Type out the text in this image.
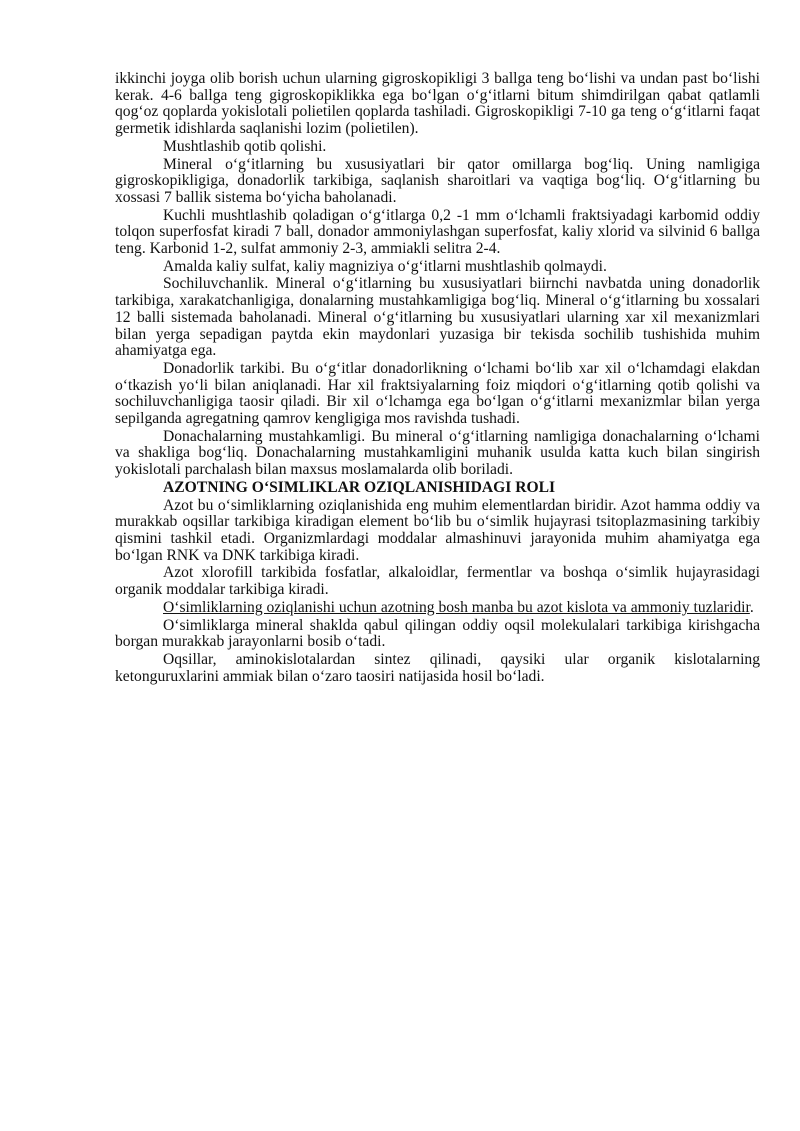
ikkinchi joyga olib borish uchun ularning gigroskopikligi 3 ballga teng boʻlishi va undan past boʻlishi kerak. 4-6 ballga teng gigroskopiklikka ega boʻlgan oʻgʻitlarni bitum shimdirilgan qabat qatlamli qogʻoz qoplarda yokislotali polietilen qoplarda tashiladi. Gigroskopikligi 7-10 ga teng oʻgʻitlarni faqat germetik idishlarda saqlanishi lozim (polietilen).

Mushtlashib qotib qolishi.

Mineral oʻgʻitlarning bu xususiyatlari bir qator omillarga bogʻliq. Uning namligiga gigroskopikligiga, donadorlik tarkibiga, saqlanish sharoitlari va vaqtiga bogʻliq. Oʻgʻitlarning bu xossasi 7 ballik sistema boʻyicha baholanadi.

Kuchli mushtlashib qoladigan oʻgʻitlarga 0,2 -1 mm oʻlchamli fraktsiyadagi karbomid oddiy tolqon superfosfat kiradi 7 ball, donador ammoniylashgan superfosfat, kaliy xlorid va silvinid 6 ballga teng. Karbonid 1-2, sulfat ammoniy 2-3, ammiakli selitra 2-4.

Amalda kaliy sulfat, kaliy magniziya oʻgʻitlarni mushtlashib qolmaydi.

Sochiluvchanlik. Mineral oʻgʻitlarning bu xususiyatlari biirnchi navbatda uning donadorlik tarkibiga, xarakatchanligiga, donalarning mustahkamligiga bogʻliq. Mineral oʻgʻitlarning bu xossalari 12 balli sistemada baholanadi. Mineral oʻgʻitlarning bu xususiyatlari ularning xar xil mexanizmlari bilan yerga sepadigan paytda ekin maydonlari yuzasiga bir tekisda sochilib tushishida muhim ahamiyatga ega.

Donadorlik tarkibi. Bu oʻgʻitlar donadorlikning oʻlchami boʻlib xar xil oʻlchamdagi elakdan oʻtkazish yoʻli bilan aniqlanadi. Har xil fraktsiyalarning foiz miqdori oʻgʻitlarning qotib qolishi va sochiluvchanligiga taosir qiladi. Bir xil oʻlchamga ega boʻlgan oʻgʻitlarni mexanizmlar bilan yerga sepilganda agregatning qamrov kengligiga mos ravishda tushadi.

Donachalarning mustahkamligi. Bu mineral oʻgʻitlarning namligiga donachalarning oʻlchami va shakliga bogʻliq. Donachalarning mustahkamligini muhanik usulda katta kuch bilan singirish yokislotali parchalash bilan maxsus moslamalarda olib boriladi.

AZOTNING OʻSIMLIKLAR OZIQLANISHIDAGI ROLI

Azot bu oʻsimliklarning oziqlanishida eng muhim elementlardan biridir. Azot hamma oddiy va murakkab oqsillar tarkibiga kiradigan element boʻlib bu oʻsimlik hujayrasi tsitoplazmasining tarkibiy qismini tashkil etadi. Organizmlardagi moddalar almashinuvi jarayonida muhim ahamiyatga ega boʻlgan RNK va DNK tarkibiga kiradi.

Azot xlorofill tarkibida fosfatlar, alkaloidlar, fermentlar va boshqa oʻsimlik hujayrasidagi organik moddalar tarkibiga kiradi.

Oʻsimliklarning oziqlanishi uchun azotning bosh manba bu azot kislota va ammoniy tuzlaridir.

Oʻsimliklarga mineral shaklda qabul qilingan oddiy oqsil molekulalari tarkibiga kirishgacha borgan murakkab jarayonlarni bosib oʻtadi.

Oqsillar, aminokislotalardan sintez qilinadi, qaysiki ular organik kislotalarning ketonguruxlarini ammiak bilan oʻzaro taosiri natijasida hosil boʻladi.
